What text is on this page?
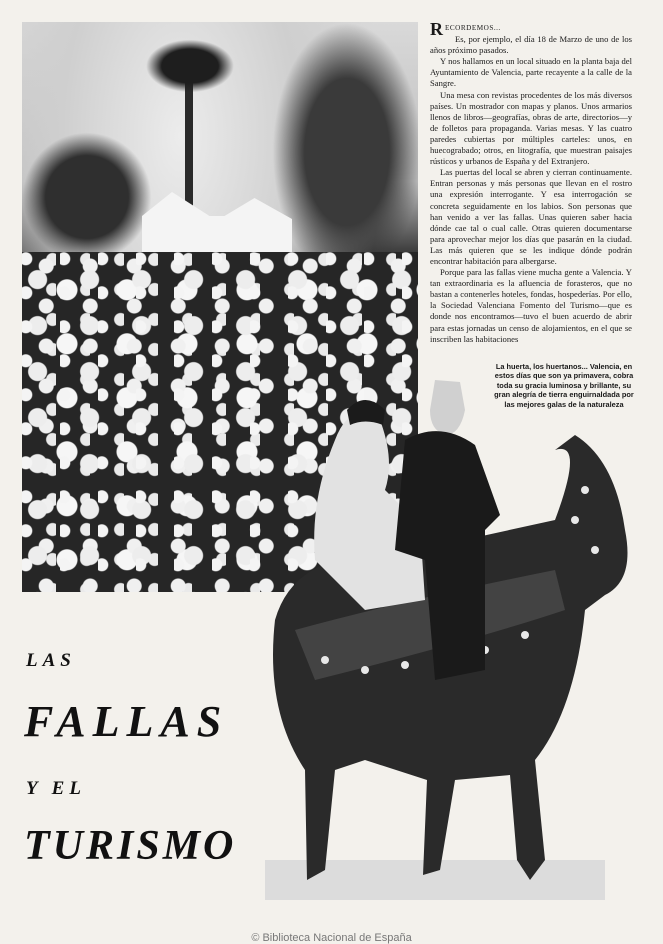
RECORDEMOS...

Es, por ejemplo, el día 18 de Marzo de uno de los años próximo pasados.

Y nos hallamos en un local situado en la planta baja del Ayuntamiento de Valencia, parte recayente a la calle de la Sangre.

Una mesa con revistas procedentes de los más diversos países. Un mostrador con mapas y planos. Unos armarios llenos de libros—geografías, obras de arte, directorios—y de folletos para propaganda. Varias mesas. Y las cuatro paredes cubiertas por múltiples carteles: unos, en huecograbado; otros, en litografía, que muestran paisajes rústicos y urbanos de España y del Extranjero.

Las puertas del local se abren y cierran continuamente. Entran personas y más personas que llevan en el rostro una expresión interrogante. Y esa interrogación se concreta seguidamente en los labios. Son personas que han venido a ver las fallas. Unas quieren saber hacia dónde cae tal o cual calle. Otras quieren documentarse para aprovechar mejor los días que pasarán en la ciudad. Las más quieren que se les indique dónde podrán encontrar habitación para albergarse.

Porque para las fallas viene mucha gente a Valencia. Y tan extraordinaria es la afluencia de forasteros, que no bastan a contenerles hoteles, fondas, hospederías. Por ello, la Sociedad Valenciana Fomento del Turismo—que es donde nos encontramos—tuvo el buen acuerdo de abrir para estas jornadas un censo de alojamientos, en el que se inscriben las habitaciones

La huerta, los huertanos... Valencia, en estos días que son ya primavera, cobra toda su gracia luminosa y brillante, su gran alegría de tierra enguirnaldada por las mejores galas de la naturaleza
LAS
FALLAS
Y EL
TURISMO
© Biblioteca Nacional de España
